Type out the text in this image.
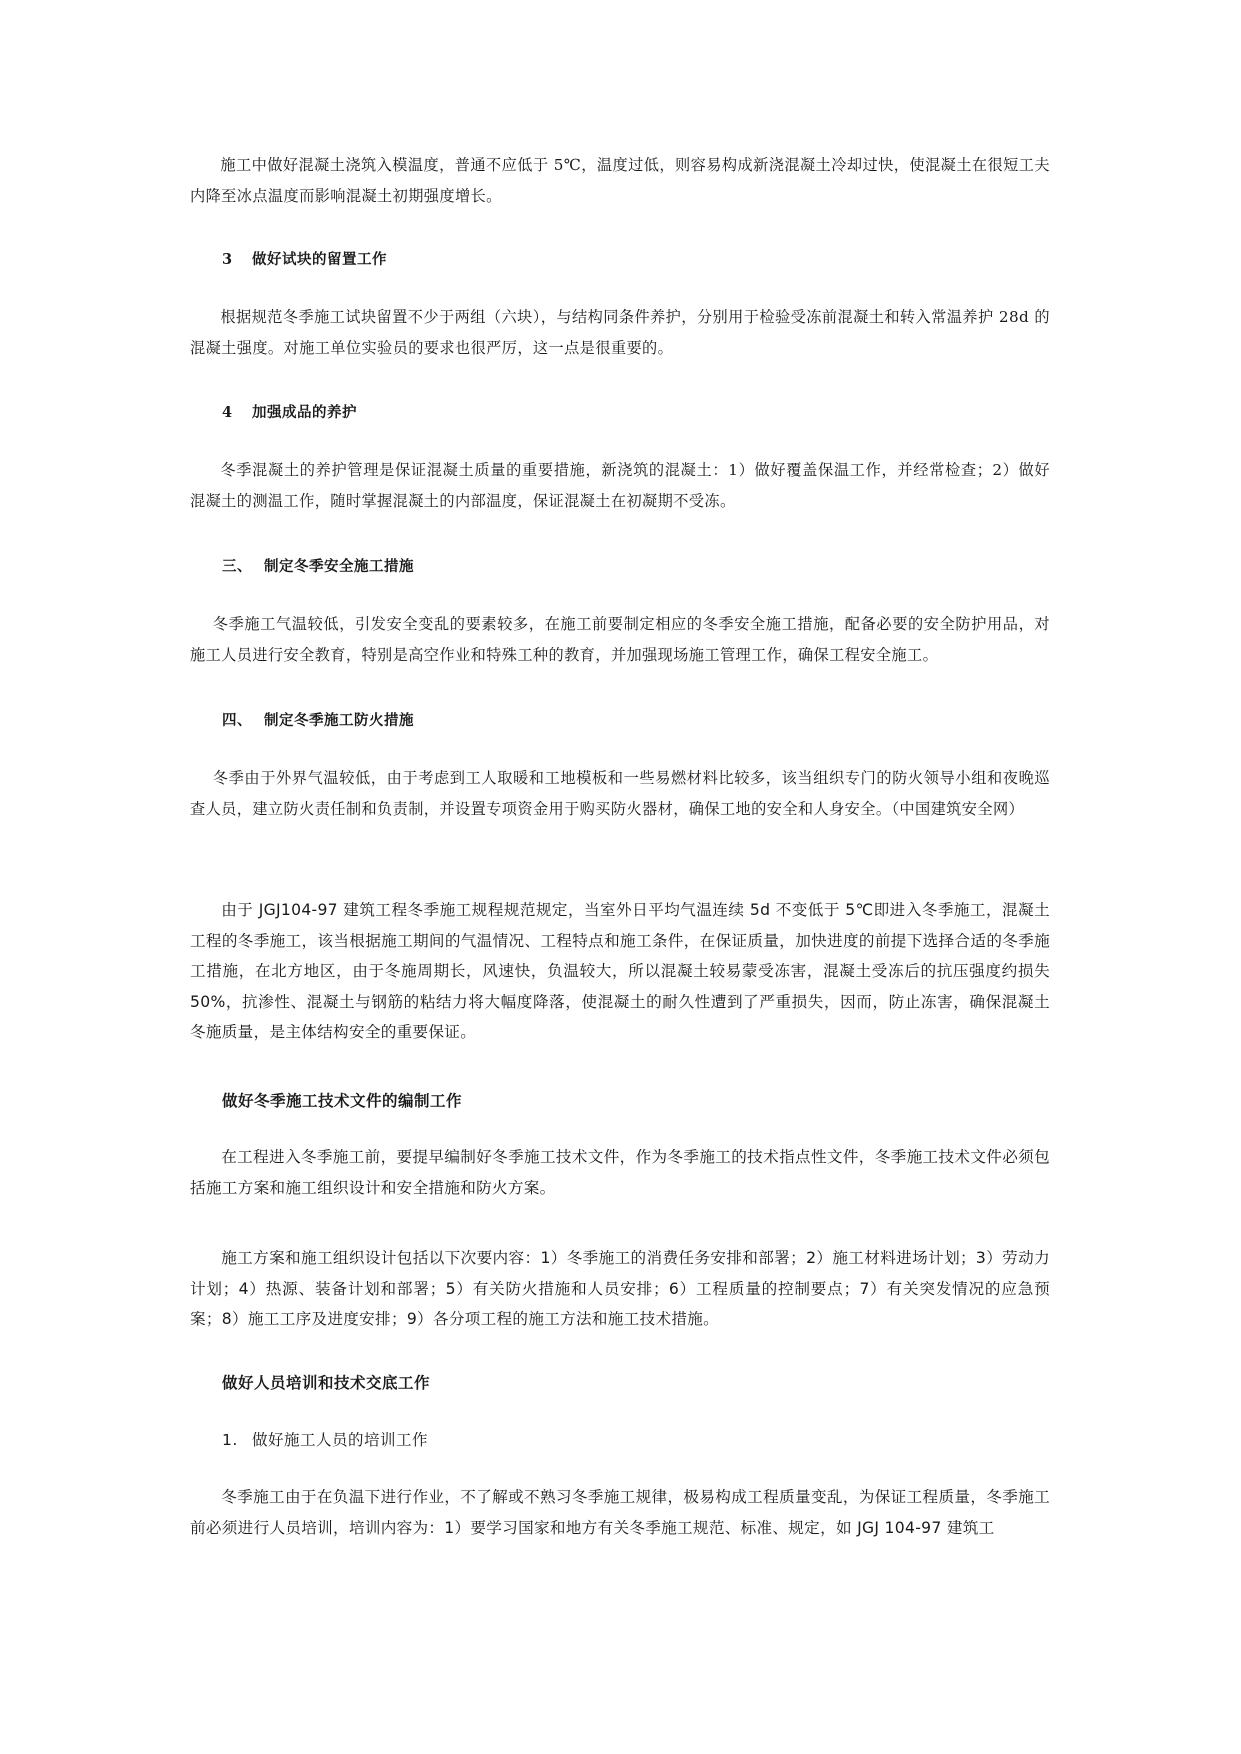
施工中做好混凝土浇筑入模温度，普通不应低于 5℃，温度过低，则容易构成新浇混凝土冷却过快，使混凝土在很短工夫内降至冰点温度而影响混凝土初期强度增长。

3 做好试块的留置工作

根据规范冬季施工试块留置不少于两组（六块），与结构同条件养护，分别用于检验受冻前混凝土和转入常温养护 28d 的混凝土强度。对施工单位实验员的要求也很严厉，这一点是很重要的。

4 加强成品的养护

冬季混凝土的养护管理是保证混凝土质量的重要措施，新浇筑的混凝土：1）做好覆盖保温工作，并经常检查；2）做好混凝土的测温工作，随时掌握混凝土的内部温度，保证混凝土在初凝期不受冻。

三、 制定冬季安全施工措施

冬季施工气温较低，引发安全变乱的要素较多，在施工前要制定相应的冬季安全施工措施，配备必要的安全防护用品，对施工人员进行安全教育，特别是高空作业和特殊工种的教育，并加强现场施工管理工作，确保工程安全施工。

四、 制定冬季施工防火措施

冬季由于外界气温较低，由于考虑到工人取暖和工地模板和一些易燃材料比较多，该当组织专门的防火领导小组和夜晚巡查人员，建立防火责任制和负责制，并设置专项资金用于购买防火器材，确保工地的安全和人身安全。（中国建筑安全网）

由于 JGJ104-97 建筑工程冬季施工规程规范规定，当室外日平均气温连续 5d 不变低于 5℃即进入冬季施工，混凝土工程的冬季施工，该当根据施工期间的气温情况、工程特点和施工条件，在保证质量，加快进度的前提下选择合适的冬季施工措施，在北方地区，由于冬施周期长，风速快，负温较大，所以混凝土较易蒙受冻害，混凝土受冻后的抗压强度约损失 50%，抗渗性、混凝土与钢筋的粘结力将大幅度降落，使混凝土的耐久性遭到了严重损失，因而，防止冻害，确保混凝土冬施质量，是主体结构安全的重要保证。

做好冬季施工技术文件的编制工作

在工程进入冬季施工前，要提早编制好冬季施工技术文件，作为冬季施工的技术指点性文件，冬季施工技术文件必须包括施工方案和施工组织设计和安全措施和防火方案。

施工方案和施工组织设计包括以下次要内容：1）冬季施工的消费任务安排和部署；2）施工材料进场计划；3）劳动力计划；4）热源、装备计划和部署；5）有关防火措施和人员安排；6）工程质量的控制要点；7）有关突发情况的应急预案；8）施工工序及进度安排；9）各分项工程的施工方法和施工技术措施。

做好人员培训和技术交底工作
1. 做好施工人员的培训工作

冬季施工由于在负温下进行作业，不了解或不熟习冬季施工规律，极易构成工程质量变乱，为保证工程质量，冬季施工前必须进行人员培训，培训内容为：1）要学习国家和地方有关冬季施工规范、标准、规定，如 JGJ 104-97 建筑工
